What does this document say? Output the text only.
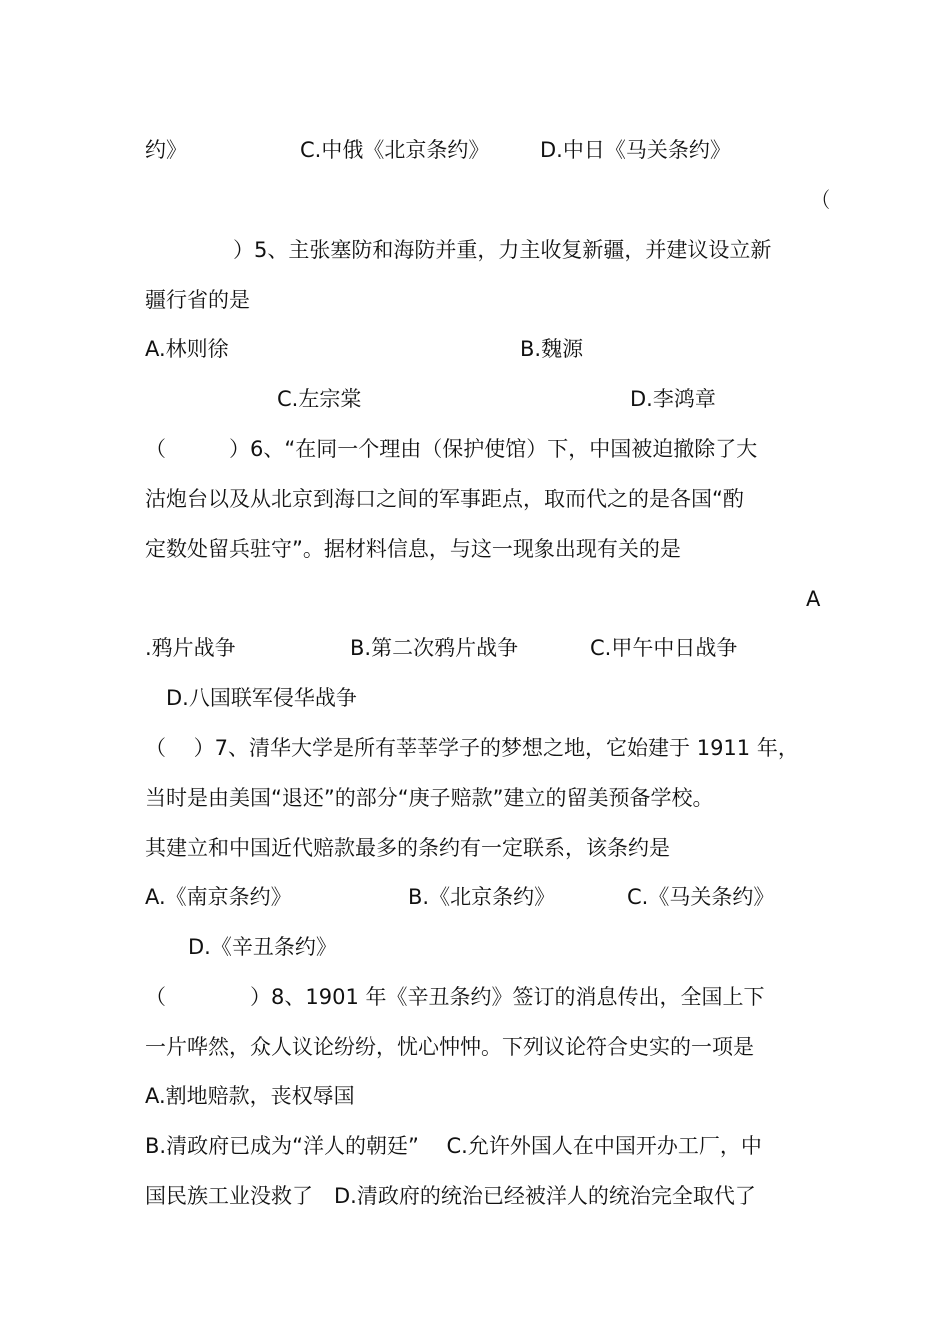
约》	C.中俄《北京条约》 D.中日《马关条约》
（
）5、主张塞防和海防并重，力主收复新疆，并建议设立新
疆行省的是
A.林则徐	B.魏源
C.左宗棠	D.李鸿章
（　　　）6、“在同一个理由（保护使馆）下，中国被迫撤除了大
沽炮台以及从北京到海口之间的军事距点，取而代之的是各国“酌
定数处留兵驻守”。据材料信息，与这一现象出现有关的是
A
.鸦片战争	B.第二次鸦片战争	C.甲午中日战争
D.八国联军侵华战争
（　 ）7、清华大学是所有莘莘学子的梦想之地，它始建于 1911 年，
当时是由美国“退还”的部分“庚子赔款”建立的留美预备学校。
其建立和中国近代赔款最多的条约有一定联系，该条约是
A.《南京条约》	B.《北京条约》	C.《马关条约》
D.《辛丑条约》
（　　　　）8、1901 年《辛丑条约》签订的消息传出，全国上下
一片哗然，众人议论纷纷，忧心忡忡。下列议论符合史实的一项是
A.割地赔款，丧权辱国
B.清政府已成为“洋人的朝廷”　 C.允许外国人在中国开办工厂，中
国民族工业没救了　D.清政府的统治已经被洋人的统治完全取代了
